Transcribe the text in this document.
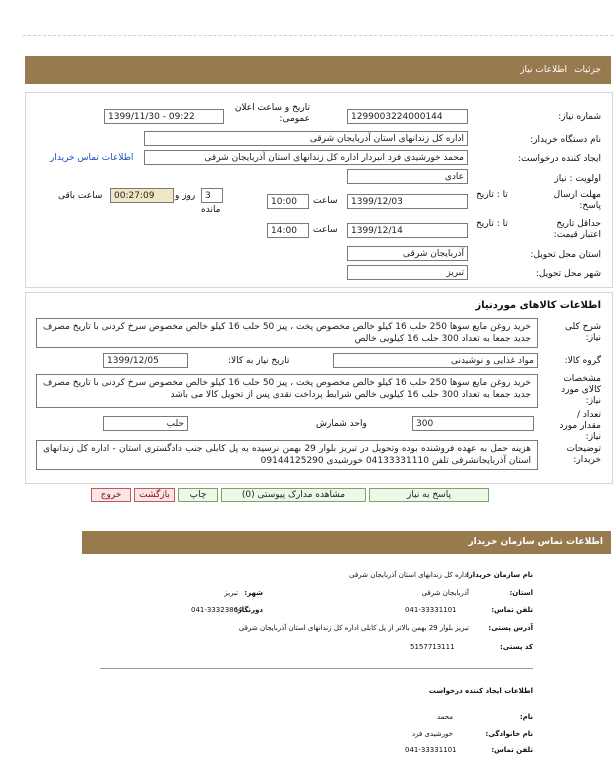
جزئیات
اطلاعات نیاز
شماره نیاز:
1299003224000144
تاریخ و ساعت اعلان عمومی:
1399/11/30 - 09:22
نام دستگاه خریدار:
اداره کل زندانهای استان آذربایجان شرقی
ایجاد کننده درخواست:
محمد خورشیدی فرد انبردار اداره کل زندانهای استان آذربایجان شرقی
اطلاعات تماس خریدار
اولویت : نیاز
عادی
مهلت ارسال پاسخ:
تا : تاریخ
1399/12/03
ساعت
10:00
3
مانده
روز و
00:27:09
ساعت باقی
حداقل تاریخ اعتبار قیمت:
تا : تاریخ
1399/12/14
ساعت
14:00
استان محل تحویل:
آذربایجان شرقی
شهر محل تحویل:
تبریز
اطلاعات کالاهای موردنیاز
شرح کلی نیاز:
خرید روغن مایع سوها 250 حلب 16 کیلو خالص مخصوص پخت ، پیز 50 حلب 16 کیلو خالص مخصوص سرخ کردنی با تاریخ مصرف جدید جمعا به تعداد 300 حلب 16 کیلویی خالص
گروه کالا:
مواد غذایی و نوشیدنی
تاریخ نیاز به کالا:
1399/12/05
مشخصات کالای مورد نیاز:
خرید روغن مایع سوها 250 حلب 16 کیلو خالص مخصوص پخت ، پیز 50 حلب 16 کیلو خالص مخصوص سرخ کردنی با تاریخ مصرف جدید جمعا به تعداد 300 حلب 16 کیلویی خالص شرایط پرداخت نقدی پس از تحویل کالا می باشد
تعداد / مقدار مورد نیاز:
300
واحد شمارش
حلب
توضیحات خریدار:
هزینه حمل به عهده فروشنده بوده وتحویل در تبریز بلوار 29 بهمن نرسیده به پل کابلی جنب دادگستری استان - اداره کل زندانهای استان آذربایجانشرقی تلفن 04133331110 خورشیدی 09144125290
پاسخ به نیاز
مشاهده مدارک پیوستی (0)
چاپ
بازگشت
خروج
اطلاعات تماس سازمان خریدار
نام سازمان خریدار:
اداره کل زندانهای استان آذربایجان شرقی
استان:
آذربایجان شرقی
شهر:
تبریز
تلفن تماس:
041-33331101
دورنگار:
041-33323864
آدرس پستی:
تبریز بلوار 29 بهمن بالاتر از پل کابلی اداره کل زندانهای استان آذربایجان شرقی
کد پستی:
5157713111
اطلاعات ایجاد کننده درخواست
نام:
محمد
نام خانوادگی:
خورشیدی فرد
تلفن تماس:
041-33331101
